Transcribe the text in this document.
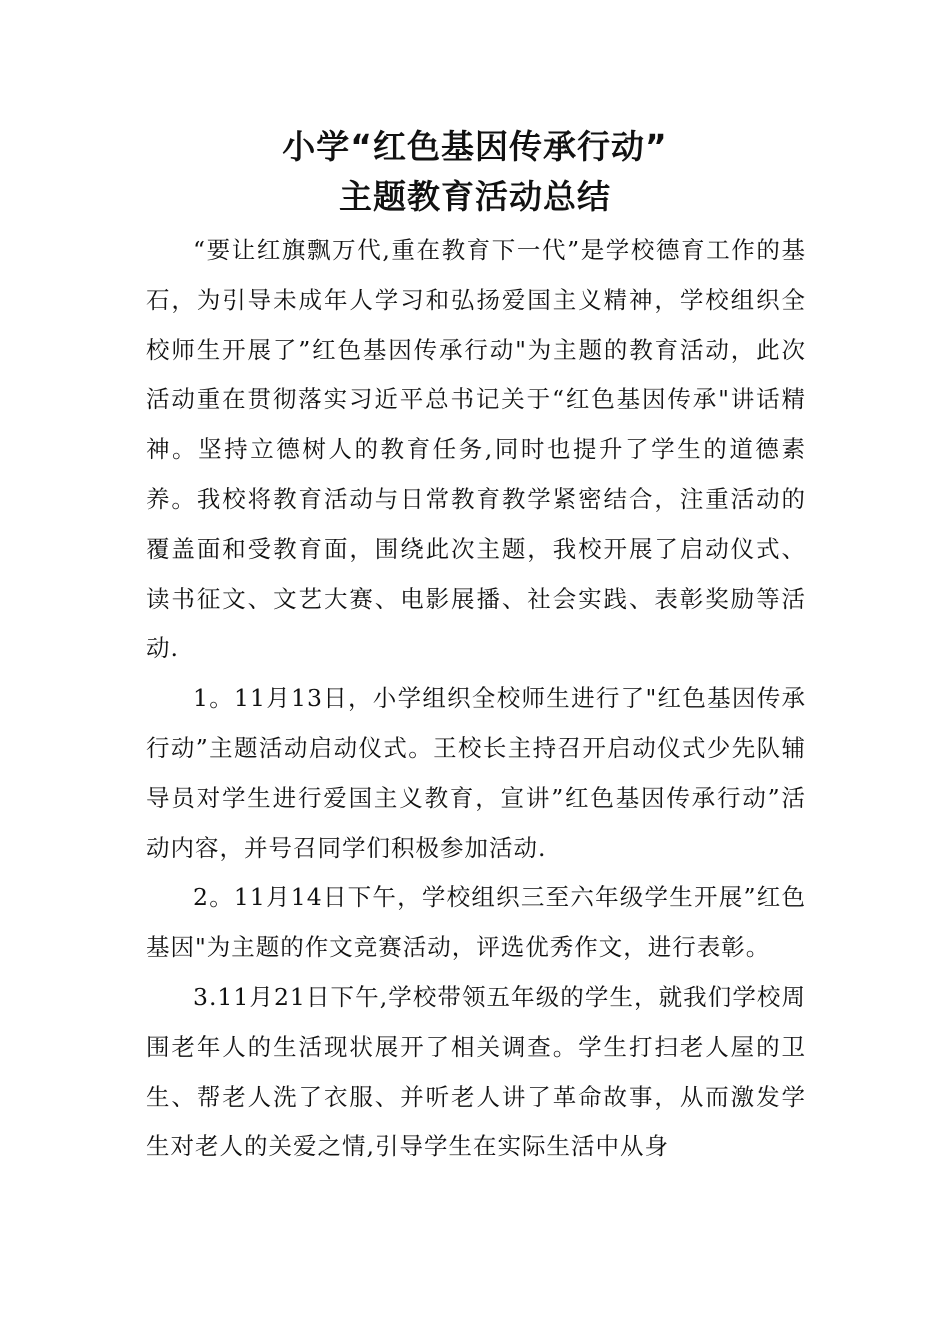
小学“红色基因传承行动”
主题教育活动总结

“要让红旗飘万代,重在教育下一代”是学校德育工作的基石，为引导未成年人学习和弘扬爱国主义精神，学校组织全校师生开展了”红色基因传承行动"为主题的教育活动，此次活动重在贯彻落实习近平总书记关于“红色基因传承"讲话精神。坚持立德树人的教育任务,同时也提升了学生的道德素养。我校将教育活动与日常教育教学紧密结合，注重活动的覆盖面和受教育面，围绕此次主题，我校开展了启动仪式、读书征文、文艺大赛、电影展播、社会实践、表彰奖励等活动.

1。11月13日，小学组织全校师生进行了"红色基因传承行动”主题活动启动仪式。王校长主持召开启动仪式少先队辅导员对学生进行爱国主义教育，宣讲”红色基因传承行动”活动内容，并号召同学们积极参加活动.

2。11月14日下午，学校组织三至六年级学生开展”红色基因"为主题的作文竞赛活动，评选优秀作文，进行表彰。

3.11月21日下午,学校带领五年级的学生，就我们学校周围老年人的生活现状展开了相关调查。学生打扫老人屋的卫生、帮老人洗了衣服、并听老人讲了革命故事，从而激发学生对老人的关爱之情,引导学生在实际生活中从身
